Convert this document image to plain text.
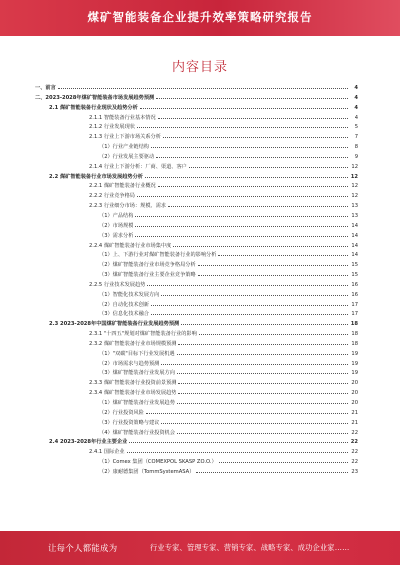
煤矿智能装备企业提升效率策略研究报告
内容目录
一、前言	4
二、2023-2028年煤矿智能装备市场发展趋势预测	4
2.1 煤矿智能装备行业现状及趋势分析	4
2.1.1 智能装备行业基本情况	4
2.1.2 行业发展现状	5
2.1.3 行业上下游市场关系分析	7
（1）行业产业链结构	8
（2）行业发展主要驱动	9
2.1.4 行业上下游分析：厂商、渠道、客户	12
2.2 煤矿智能装备行业市场发展趋势分析	12
2.2.1 煤矿智能装备行业概况	12
2.2.2 行业竞争格局	12
2.2.3 行业细分市场：规模、需求	13
（1）产品结构	13
（2）市场规模	14
（3）需求分析	14
2.2.4 煤矿智能装备行业市场集中度	14
（1）上、下游行业对煤矿智能装备行业的影响分析	14
（2）煤矿智能装备行业市场竞争格局分析	15
（3）煤矿智能装备行业主要企业竞争策略	15
2.2.5 行业技术发展趋势	16
（1）智能化技术发展方向	16
（2）自动化技术创新	17
（3）信息化技术融合	17
2.3 2023-2028年中国煤矿智能装备行业发展趋势预测	18
2.3.1 "十四五"规划对煤矿智能装备行业的影响	18
2.3.2 煤矿智能装备行业市场规模预测	18
（1）"双碳"目标下行业发展机遇	19
（2）市场需求与趋势预测	19
（3）煤矿智能装备行业发展方向	19
2.3.3 煤矿智能装备行业投资前景预测	20
2.3.4 煤矿智能装备行业市场发展趋势	20
（1）煤矿智能装备行业发展趋势	20
（2）行业投资风险	21
（3）行业投资策略与建议	21
（4）煤矿智能装备行业投资机会	22
2.4 2023-2028年行业主要企业	22
2.4.1 国际企业	22
（1）Comex 集团（COMEXPOL SKASP ZO.O.）	22
（2）康耐德集团（TommSystemASA）	23
让每个人都能成为	行业专家、管理专家、营销专家、战略专家、成功企业家……
